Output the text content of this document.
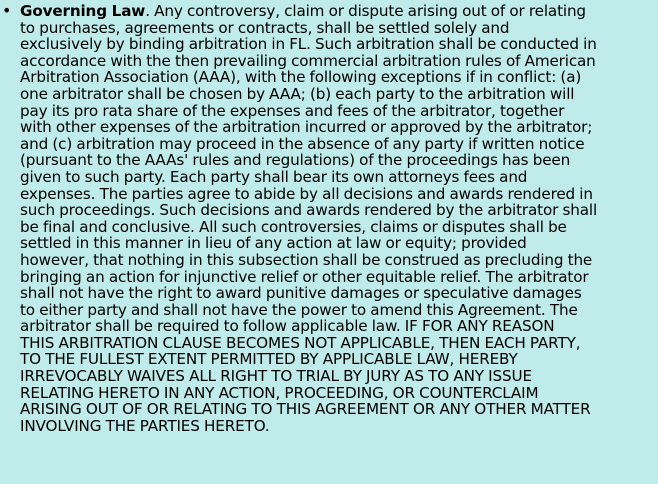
• Governing Law. Any controversy, claim or dispute arising out of or relating
to purchases, agreements or contracts, shall be settled solely and
exclusively by binding arbitration in FL. Such arbitration shall be conducted in
accordance with the then prevailing commercial arbitration rules of American
Arbitration Association (AAA), with the following exceptions if in conflict: (a)
one arbitrator shall be chosen by AAA; (b) each party to the arbitration will
pay its pro rata share of the expenses and fees of the arbitrator, together
with other expenses of the arbitration incurred or approved by the arbitrator;
and (c) arbitration may proceed in the absence of any party if written notice
(pursuant to the AAAs' rules and regulations) of the proceedings has been
given to such party. Each party shall bear its own attorneys fees and
expenses. The parties agree to abide by all decisions and awards rendered in
such proceedings. Such decisions and awards rendered by the arbitrator shall
be final and conclusive. All such controversies, claims or disputes shall be
settled in this manner in lieu of any action at law or equity; provided
however, that nothing in this subsection shall be construed as precluding the
bringing an action for injunctive relief or other equitable relief. The arbitrator
shall not have the right to award punitive damages or speculative damages
to either party and shall not have the power to amend this Agreement. The
arbitrator shall be required to follow applicable law. IF FOR ANY REASON
THIS ARBITRATION CLAUSE BECOMES NOT APPLICABLE, THEN EACH PARTY,
TO THE FULLEST EXTENT PERMITTED BY APPLICABLE LAW, HEREBY
IRREVOCABLY WAIVES ALL RIGHT TO TRIAL BY JURY AS TO ANY ISSUE
RELATING HERETO IN ANY ACTION, PROCEEDING, OR COUNTERCLAIM
ARISING OUT OF OR RELATING TO THIS AGREEMENT OR ANY OTHER MATTER
INVOLVING THE PARTIES HERETO.
